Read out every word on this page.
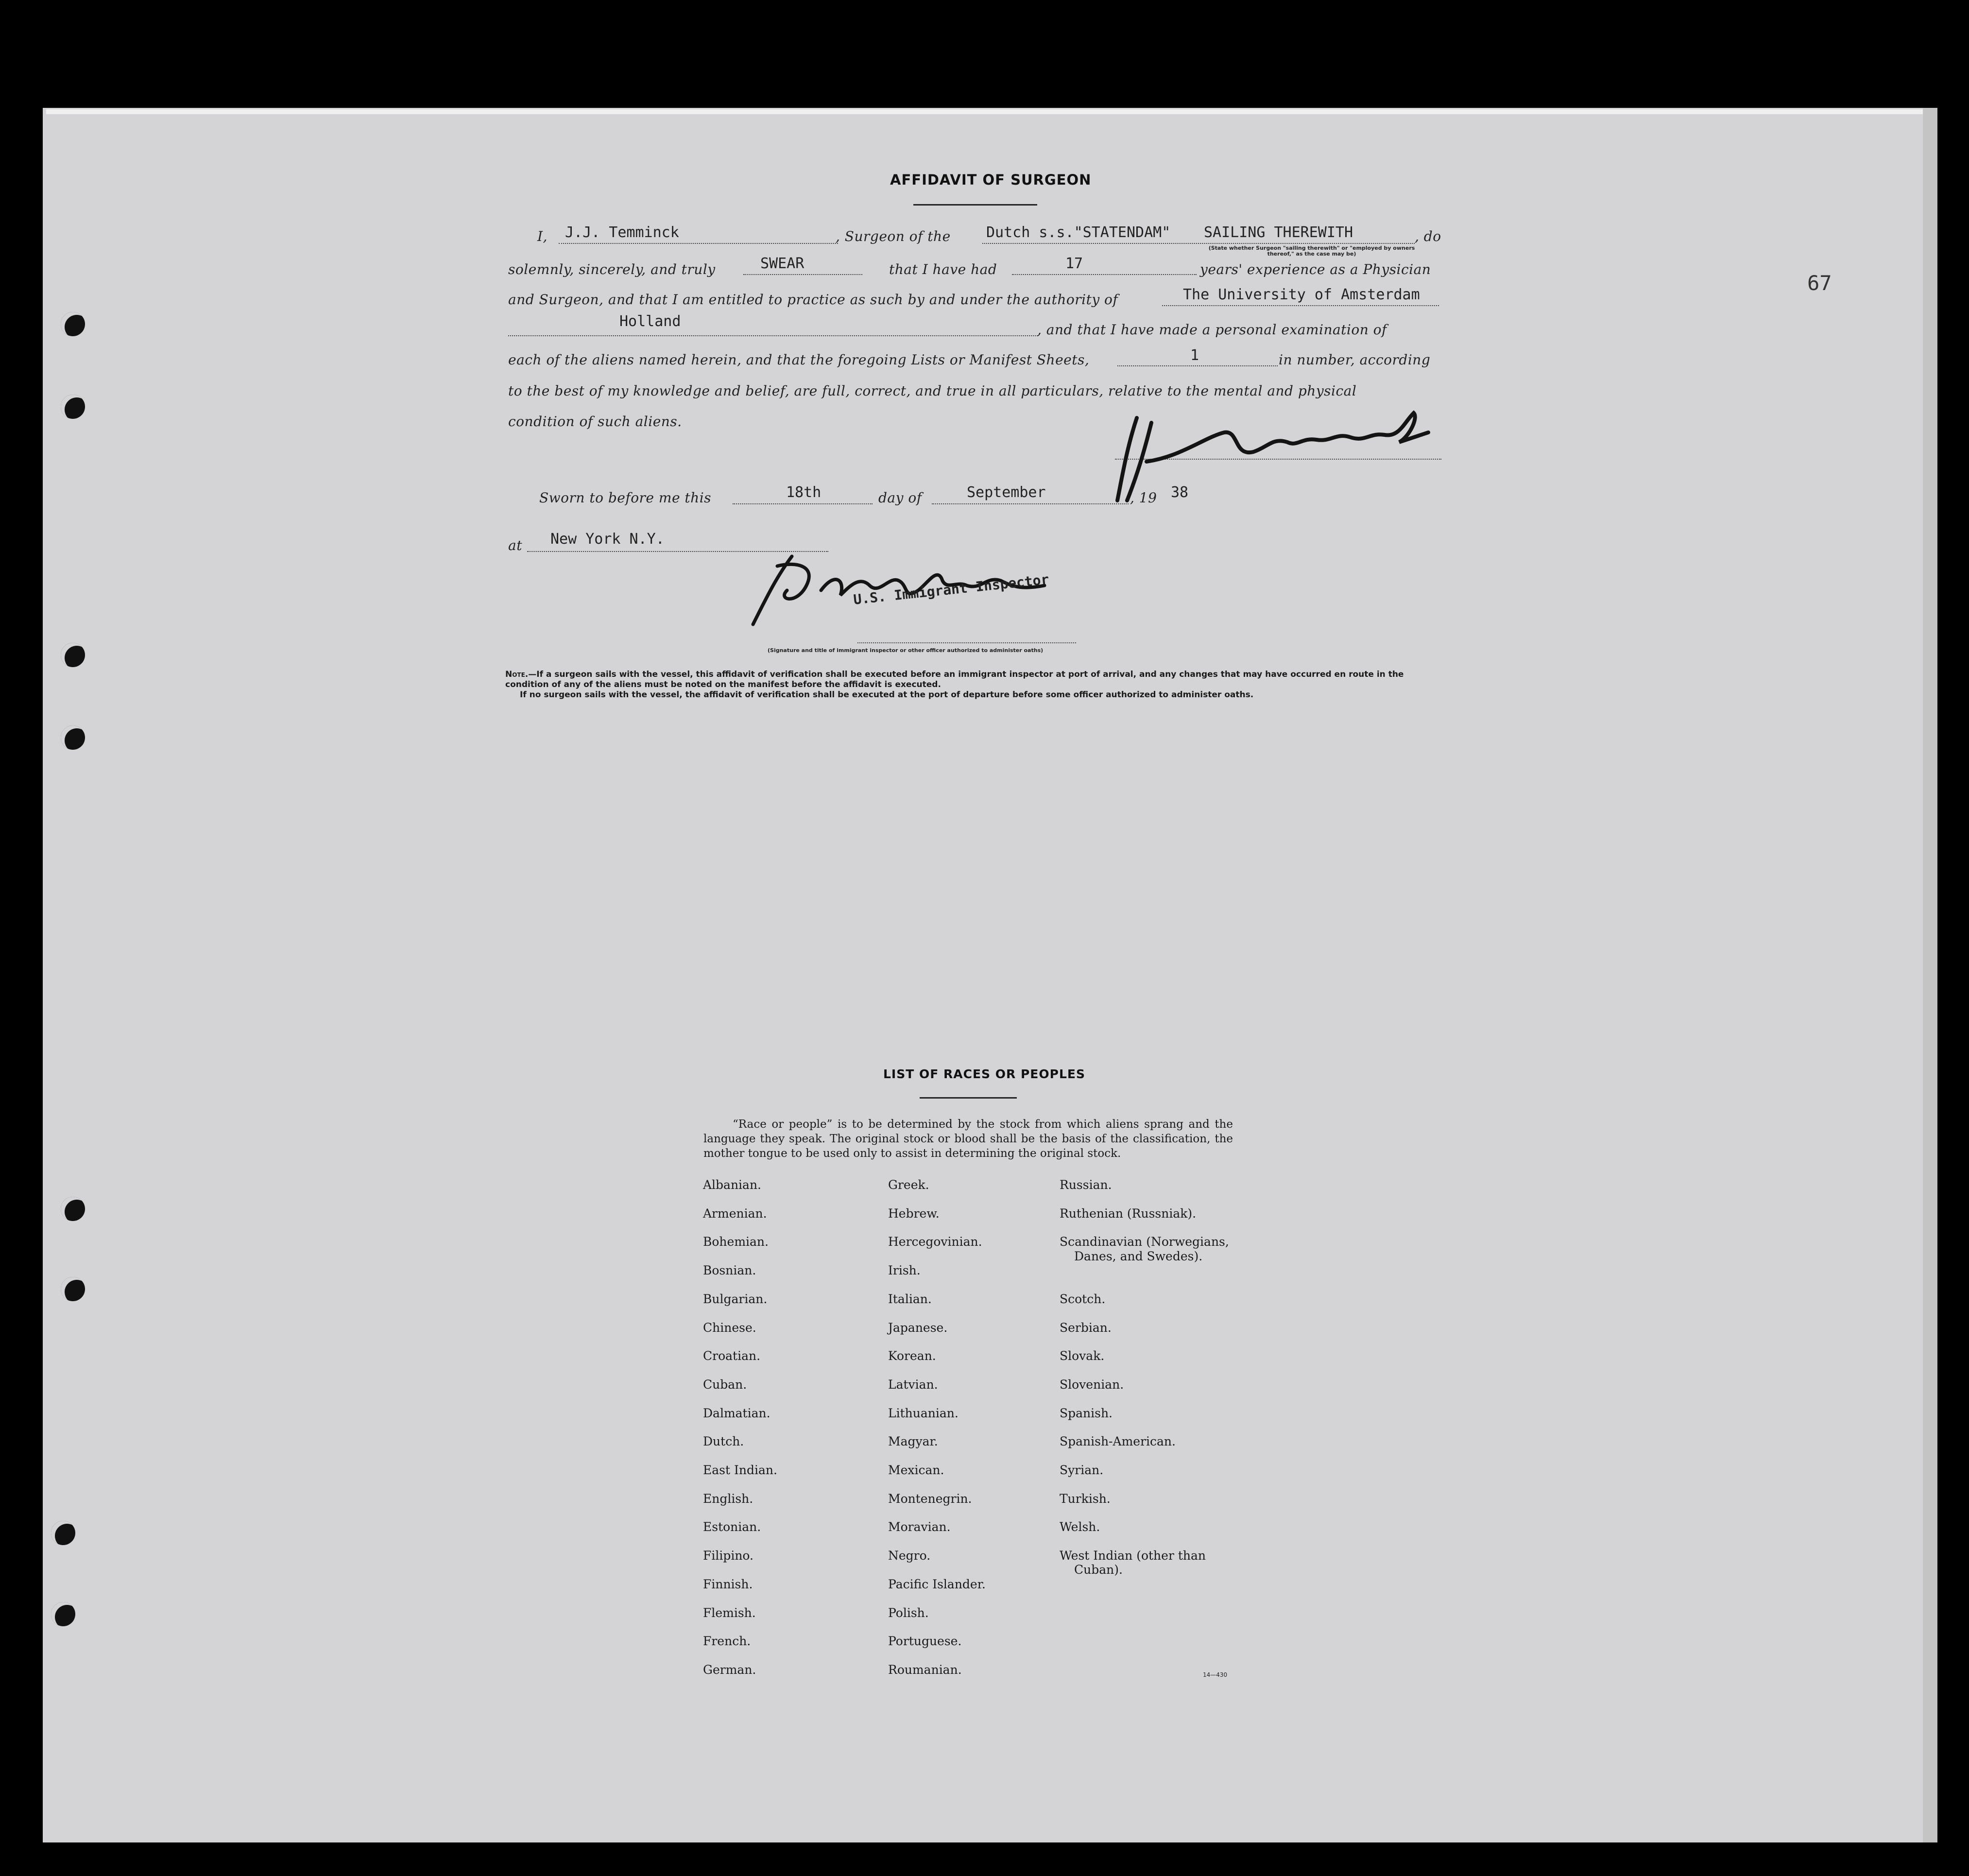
67
AFFIDAVIT OF SURGEON
I, J.J. Temminck	, Surgeon of the Dutch s.s."STATENDAM" SAILING THEREWITH
(State whether Surgeon "sailing therewith" or "employed by owners thereof," as the case may be)
, do
solemnly, sincerely, and truly	SWEAR	that I have had	17	years' experience as a Physician
and Surgeon, and that I am entitled to practice as such by and under the authority of	The University of Amsterdam
Holland	, and that I have made a personal examination of
each of the aliens named herein, and that the foregoing Lists or Manifest Sheets,	1	in number, according
to the best of my knowledge and belief, are full, correct, and true in all particulars, relative to the mental and physical
condition of such aliens.
Sworn to before me this	18th	day of	September	, 19 38
at New York N.Y.
U.S. Immigrant Inspector
(Signature and title of immigrant inspector or other officer authorized to administer oaths)
Note.—If a surgeon sails with the vessel, this affidavit of verification shall be executed before an immigrant inspector at port of arrival, and any changes that may have occurred en route in the condition of any of the aliens must be noted on the manifest before the affidavit is executed.
If no surgeon sails with the vessel, the affidavit of verification shall be executed at the port of departure before some officer authorized to administer oaths.
LIST OF RACES OR PEOPLES
“Race or people” is to be determined by the stock from which aliens sprang and the language they speak. The original stock or blood shall be the basis of the classification, the mother tongue to be used only to assist in determining the original stock.
Albanian.
Armenian.
Bohemian.
Bosnian.
Bulgarian.
Chinese.
Croatian.
Cuban.
Dalmatian.
Dutch.
East Indian.
English.
Estonian.
Filipino.
Finnish.
Flemish.
French.
German.
Greek.
Hebrew.
Hercegovinian.
Irish.
Italian.
Japanese.
Korean.
Latvian.
Lithuanian.
Magyar.
Mexican.
Montenegrin.
Moravian.
Negro.
Pacific Islander.
Polish.
Portuguese.
Roumanian.
Russian.
Ruthenian (Russniak).
Scandinavian (Norwegians,
Danes, and Swedes).
Scotch.
Serbian.
Slovak.
Slovenian.
Spanish.
Spanish-American.
Syrian.
Turkish.
Welsh.
West Indian (other than
Cuban).
14—430
